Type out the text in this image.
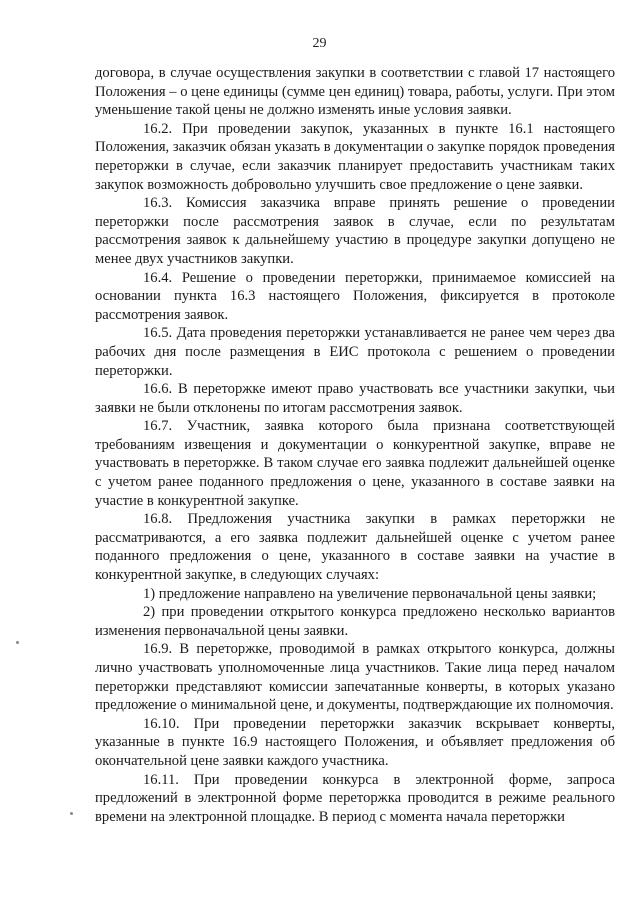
29

договора, в случае осуществления закупки в соответствии с главой 17 настоящего Положения – о цене единицы (сумме цен единиц) товара, работы, услуги. При этом уменьшение такой цены не должно изменять иные условия заявки.

16.2. При проведении закупок, указанных в пункте 16.1 настоящего Положения, заказчик обязан указать в документации о закупке порядок проведения переторжки в случае, если заказчик планирует предоставить участникам таких закупок возможность добровольно улучшить свое предложение о цене заявки.

16.3. Комиссия заказчика вправе принять решение о проведении переторжки после рассмотрения заявок в случае, если по результатам рассмотрения заявок к дальнейшему участию в процедуре закупки допущено не менее двух участников закупки.

16.4. Решение о проведении переторжки, принимаемое комиссией на основании пункта 16.3 настоящего Положения, фиксируется в протоколе рассмотрения заявок.

16.5. Дата проведения переторжки устанавливается не ранее чем через два рабочих дня после размещения в ЕИС протокола с решением о проведении переторжки.

16.6. В переторжке имеют право участвовать все участники закупки, чьи заявки не были отклонены по итогам рассмотрения заявок.

16.7. Участник, заявка которого была признана соответствующей требованиям извещения и документации о конкурентной закупке, вправе не участвовать в переторжке. В таком случае его заявка подлежит дальнейшей оценке с учетом ранее поданного предложения о цене, указанного в составе заявки на участие в конкурентной закупке.

16.8. Предложения участника закупки в рамках переторжки не рассматриваются, а его заявка подлежит дальнейшей оценке с учетом ранее поданного предложения о цене, указанного в составе заявки на участие в конкурентной закупке, в следующих случаях:

1) предложение направлено на увеличение первоначальной цены заявки;

2) при проведении открытого конкурса предложено несколько вариантов изменения первоначальной цены заявки.

16.9. В переторжке, проводимой в рамках открытого конкурса, должны лично участвовать уполномоченные лица участников. Такие лица перед началом переторжки представляют комиссии запечатанные конверты, в которых указано предложение о минимальной цене, и документы, подтверждающие их полномочия.

16.10. При проведении переторжки заказчик вскрывает конверты, указанные в пункте 16.9 настоящего Положения, и объявляет предложения об окончательной цене заявки каждого участника.

16.11. При проведении конкурса в электронной форме, запроса предложений в электронной форме переторжка проводится в режиме реального времени на электронной площадке. В период с момента начала переторжки
